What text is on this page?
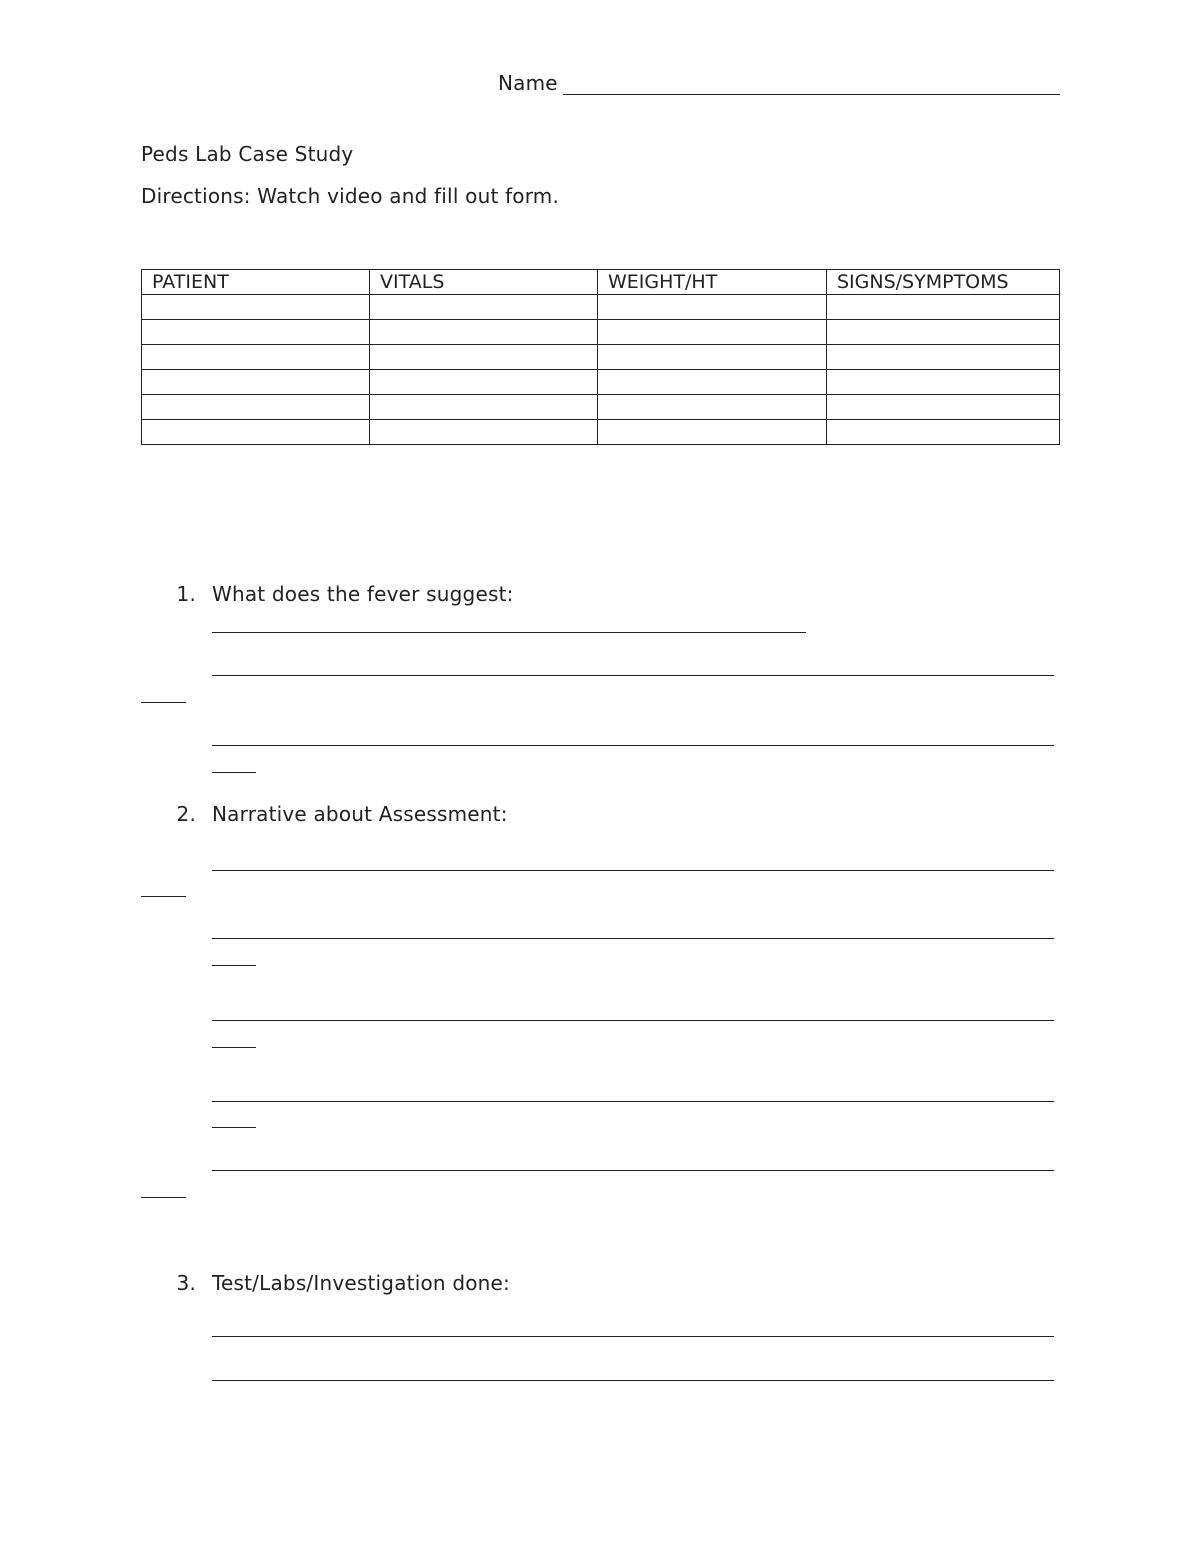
Name
Peds Lab Case Study
Directions: Watch video and fill out form.
PATIENT	VITALS	WEIGHT/HT	SIGNS/SYMPTOMS

1. What does the fever suggest:
2. Narrative about Assessment:
3. Test/Labs/Investigation done:
